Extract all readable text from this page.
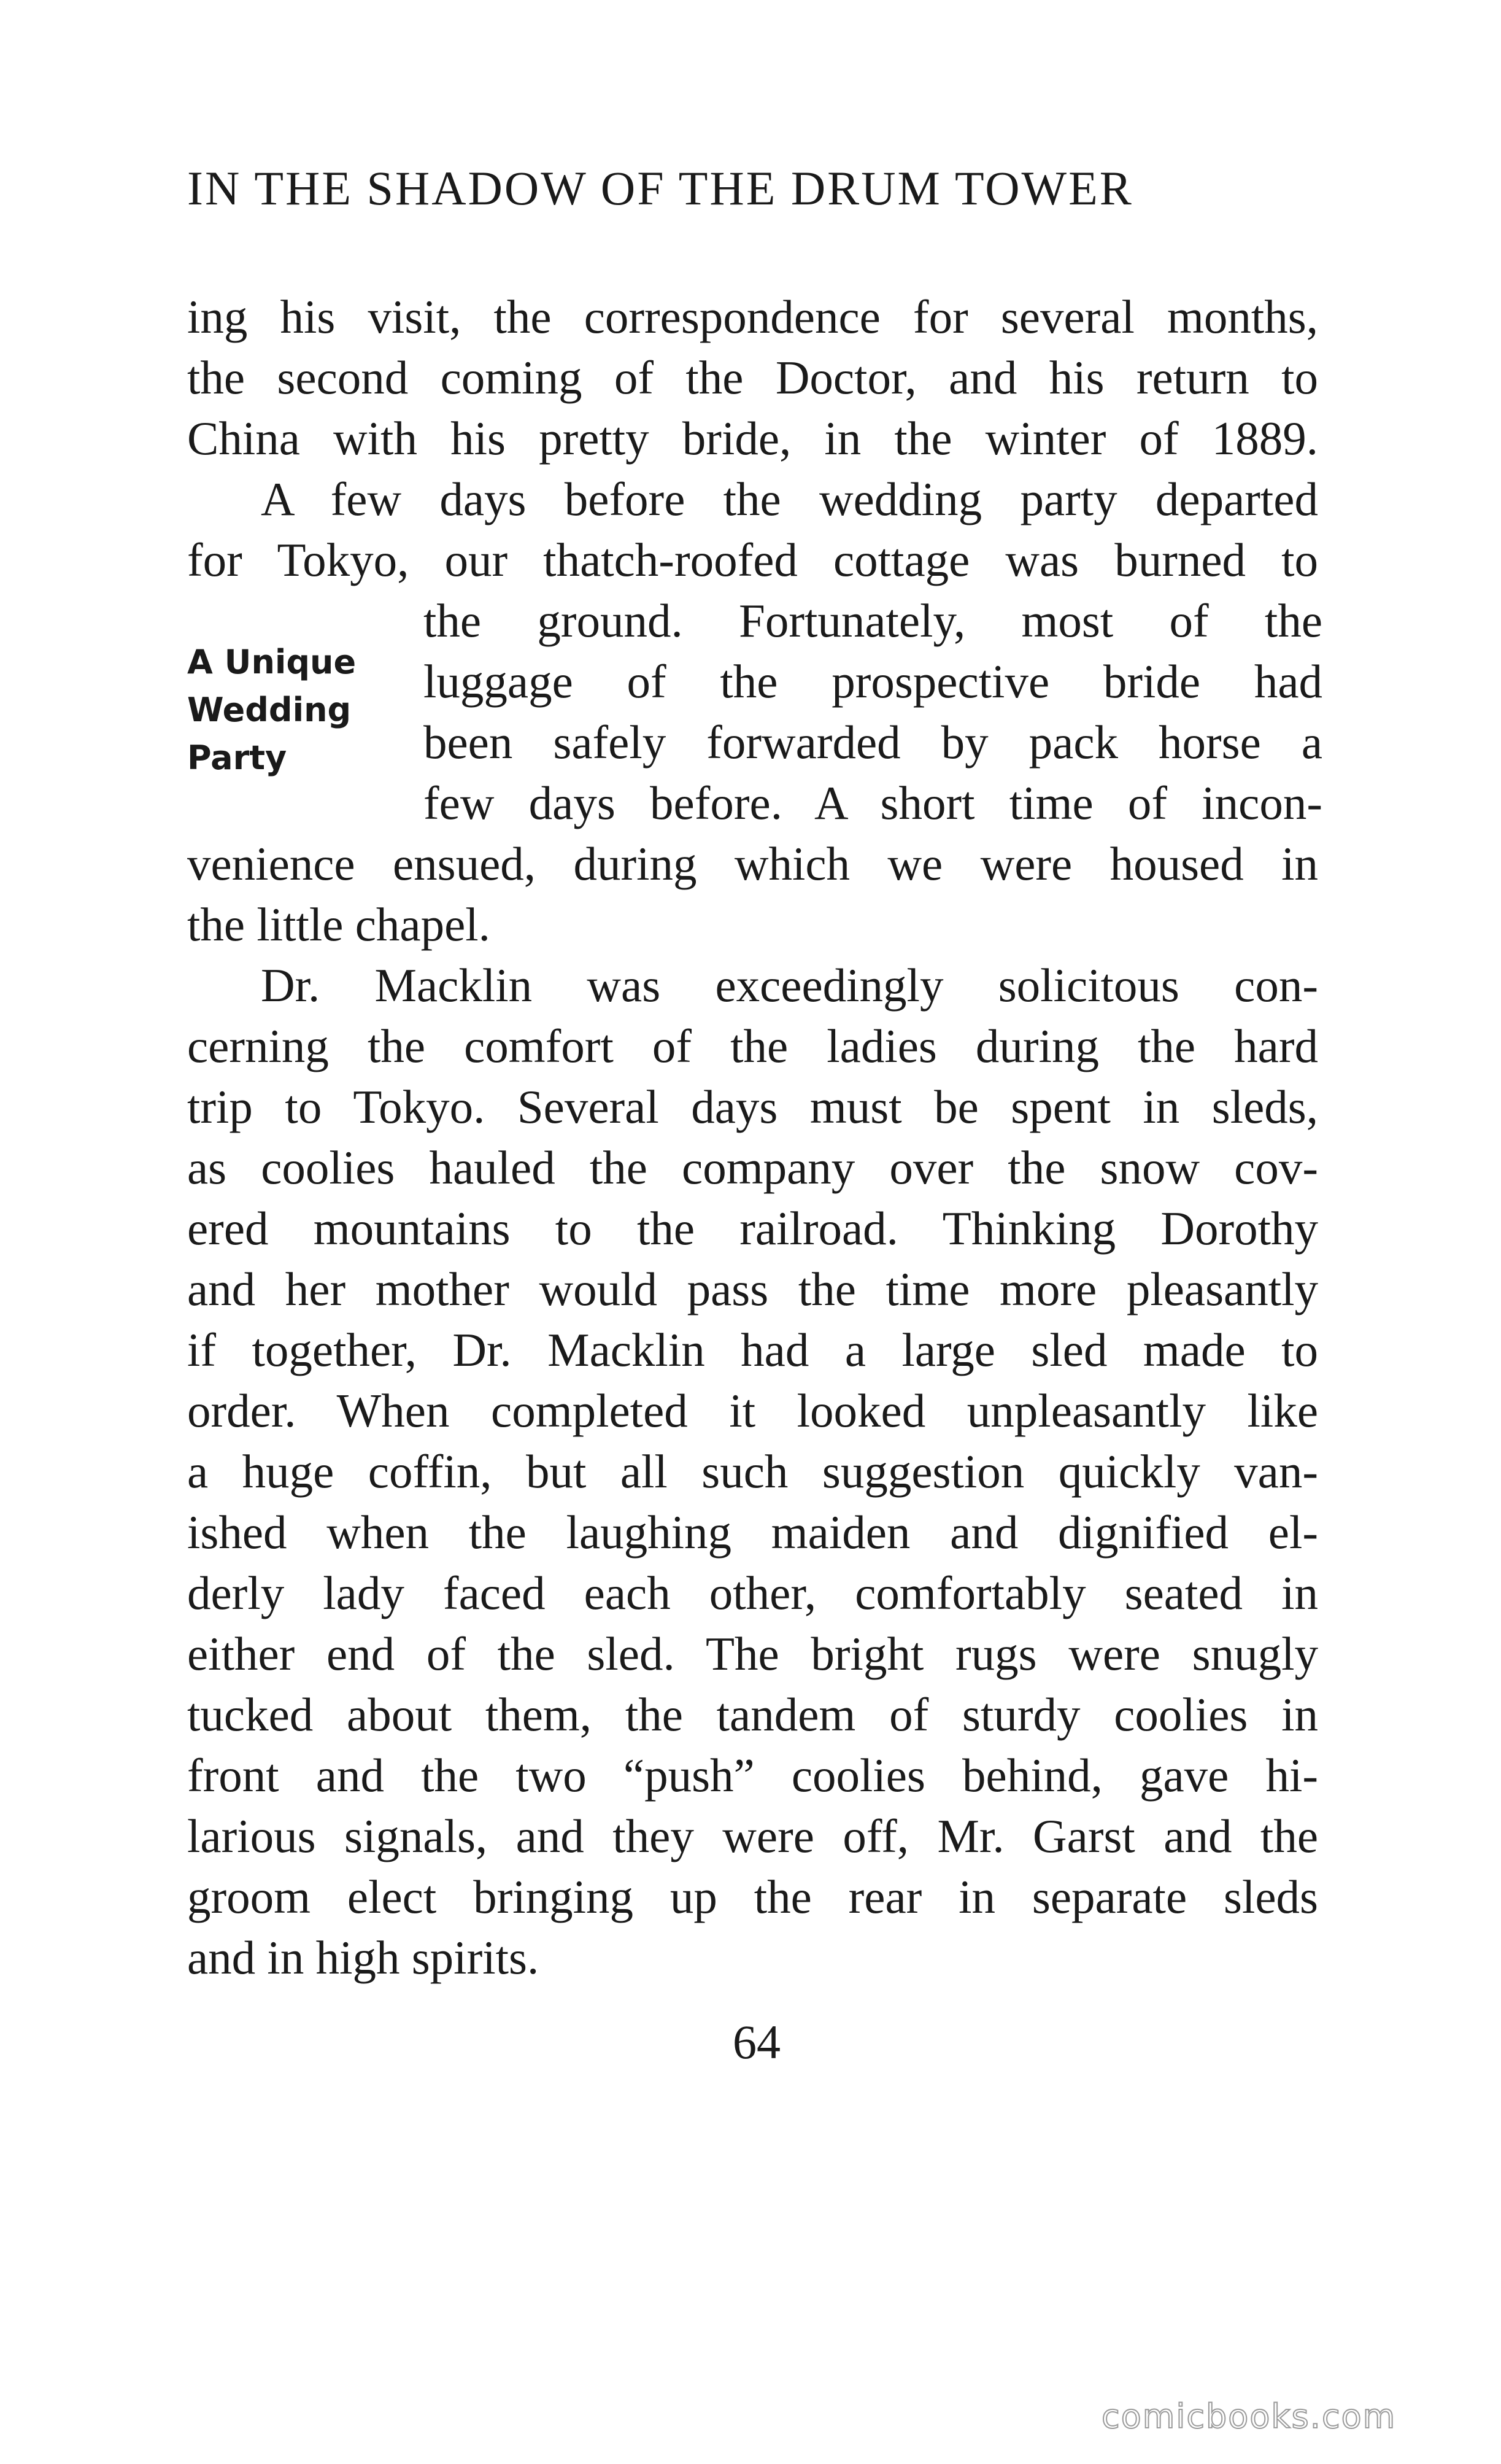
IN THE SHADOW OF THE DRUM TOWER
ing his visit, the correspondence for several months,
the second coming of the Doctor, and his return to
China with his pretty bride, in the winter of 1889.
A few days before the wedding party departed
for Tokyo, our thatch-roofed cottage was burned to
the ground. Fortunately, most of the
luggage of the prospective bride had
been safely forwarded by pack horse a
few days before. A short time of incon-
venience ensued, during which we were housed in
the little chapel.
Dr. Macklin was exceedingly solicitous con-
cerning the comfort of the ladies during the hard
trip to Tokyo. Several days must be spent in sleds,
as coolies hauled the company over the snow cov-
ered mountains to the railroad. Thinking Dorothy
and her mother would pass the time more pleasantly
if together, Dr. Macklin had a large sled made to
order. When completed it looked unpleasantly like
a huge coffin, but all such suggestion quickly van-
ished when the laughing maiden and dignified el-
derly lady faced each other, comfortably seated in
either end of the sled. The bright rugs were snugly
tucked about them, the tandem of sturdy coolies in
front and the two “push” coolies behind, gave hi-
larious signals, and they were off, Mr. Garst and the
groom elect bringing up the rear in separate sleds
and in high spirits.
A Unique
Wedding
Party
64
comicbooks.com
